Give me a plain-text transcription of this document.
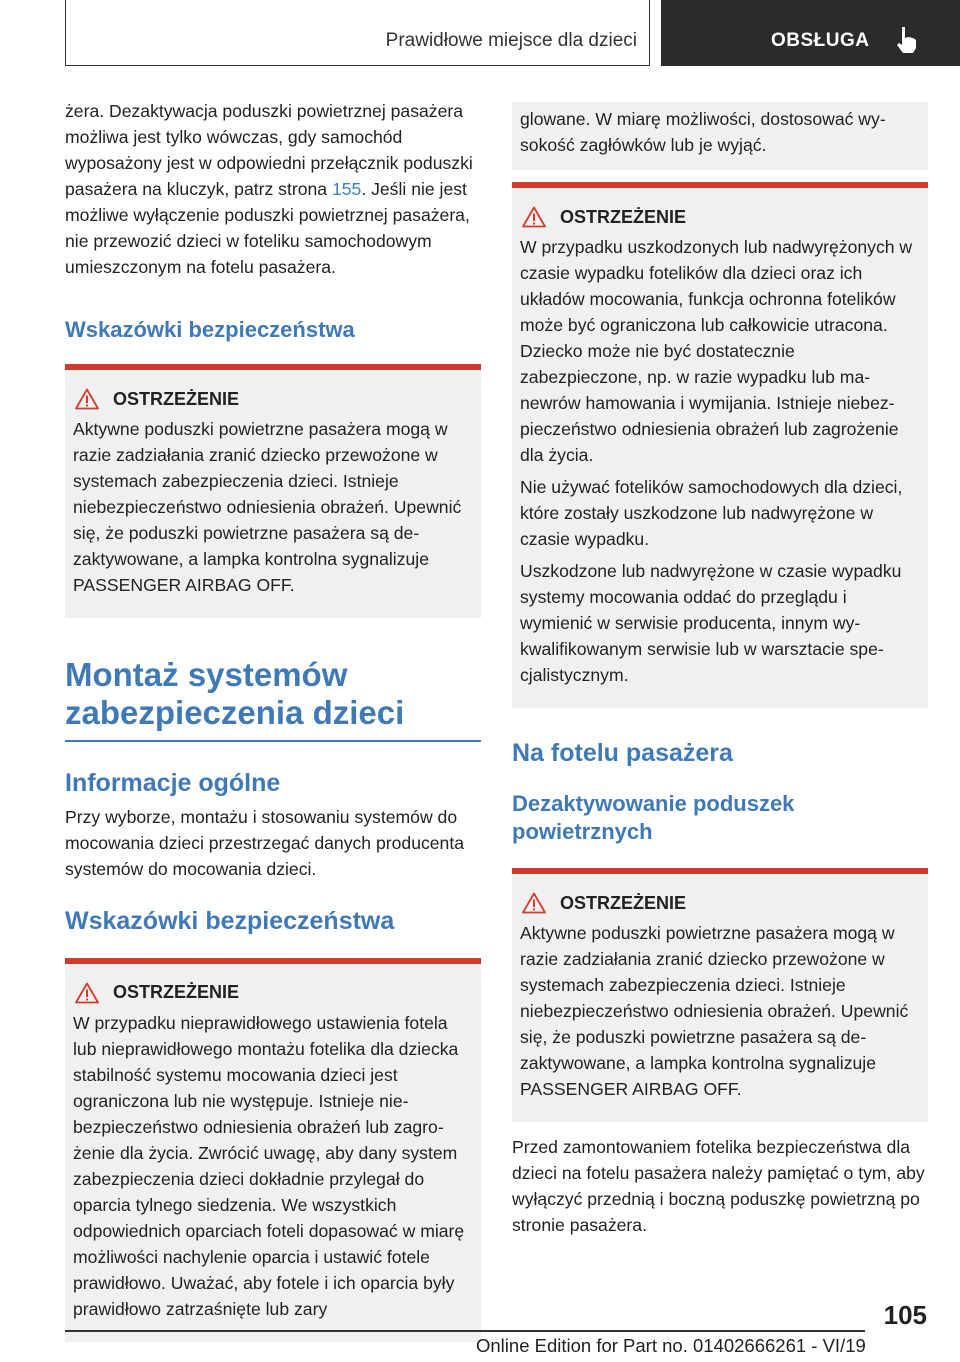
Prawidłowe miejsce dla dzieci	OBSŁUGA

żera. Dezaktywacja poduszki powietrznej pasażera możliwa jest tylko wówczas, gdy samochód wyposażony jest w odpowiedni przełącznik poduszki pasażera na kluczyk, patrz strona 155. Jeśli nie jest możliwe wyłączenie poduszki powietrznej pasażera, nie przewozić dzieci w foteliku samochodowym umieszczonym na fotelu pasażera.

Wskazówki bezpieczeństwa
OSTRZEŻENIE

Aktywne poduszki powietrzne pasażera mogą w razie zadziałania zranić dziecko przewożone w systemach zabezpieczenia dzieci. Istnieje niebezpieczeństwo odniesienia obrażeń. Upewnić się, że poduszki powietrzne pasażera są dezaktywowane, a lampka kontrolna sygnalizuje PASSENGER AIRBAG OFF.

Montaż systemów zabezpieczenia dzieci
Informacje ogólne

Przy wyborze, montażu i stosowaniu systemów do mocowania dzieci przestrzegać danych producenta systemów do mocowania dzieci.

Wskazówki bezpieczeństwa
OSTRZEŻENIE

W przypadku nieprawidłowego ustawienia fotela lub nieprawidłowego montażu fotelika dla dziecka stabilność systemu mocowania dzieci jest ograniczona lub nie występuje. Istnieje niebezpieczeństwo odniesienia obrażeń lub zagrożenie dla życia. Zwrócić uwagę, aby dany system zabezpieczenia dzieci dokładnie przylegał do oparcia tylnego siedzenia. We wszystkich odpowiednich oparciach foteli dopasować w miarę możliwości nachylenie oparcia i ustawić fotele prawidłowo. Uważać, aby fotele i ich oparcia były prawidłowo zatrzaśnięte lub zary

glowane. W miarę możliwości, dostosować wysokość zagłówków lub je wyjąć.

OSTRZEŻENIE

W przypadku uszkodzonych lub nadwyrężonych w czasie wypadku fotelików dla dzieci oraz ich układów mocowania, funkcja ochronna fotelików może być ograniczona lub całkowicie utracona. Dziecko może nie być dostatecznie zabezpieczone, np. w razie wypadku lub manewrów hamowania i wymijania. Istnieje niebezpieczeństwo odniesienia obrażeń lub zagrożenie dla życia.

Nie używać fotelików samochodowych dla dzieci, które zostały uszkodzone lub nadwyrężone w czasie wypadku.

Uszkodzone lub nadwyrężone w czasie wypadku systemy mocowania oddać do przeglądu i wymienić w serwisie producenta, innym wykwalifikowanym serwisie lub w warsztacie specjalistycznym.

Na fotelu pasażera
Dezaktywowanie poduszek powietrznych
OSTRZEŻENIE

Aktywne poduszki powietrzne pasażera mogą w razie zadziałania zranić dziecko przewożone w systemach zabezpieczenia dzieci. Istnieje niebezpieczeństwo odniesienia obrażeń. Upewnić się, że poduszki powietrzne pasażera są dezaktywowane, a lampka kontrolna sygnalizuje PASSENGER AIRBAG OFF.

Przed zamontowaniem fotelika bezpieczeństwa dla dzieci na fotelu pasażera należy pamiętać o tym, aby wyłączyć przednią i boczną poduszkę powietrzną po stronie pasażera.

105
Online Edition for Part no. 01402666261 - VI/19
